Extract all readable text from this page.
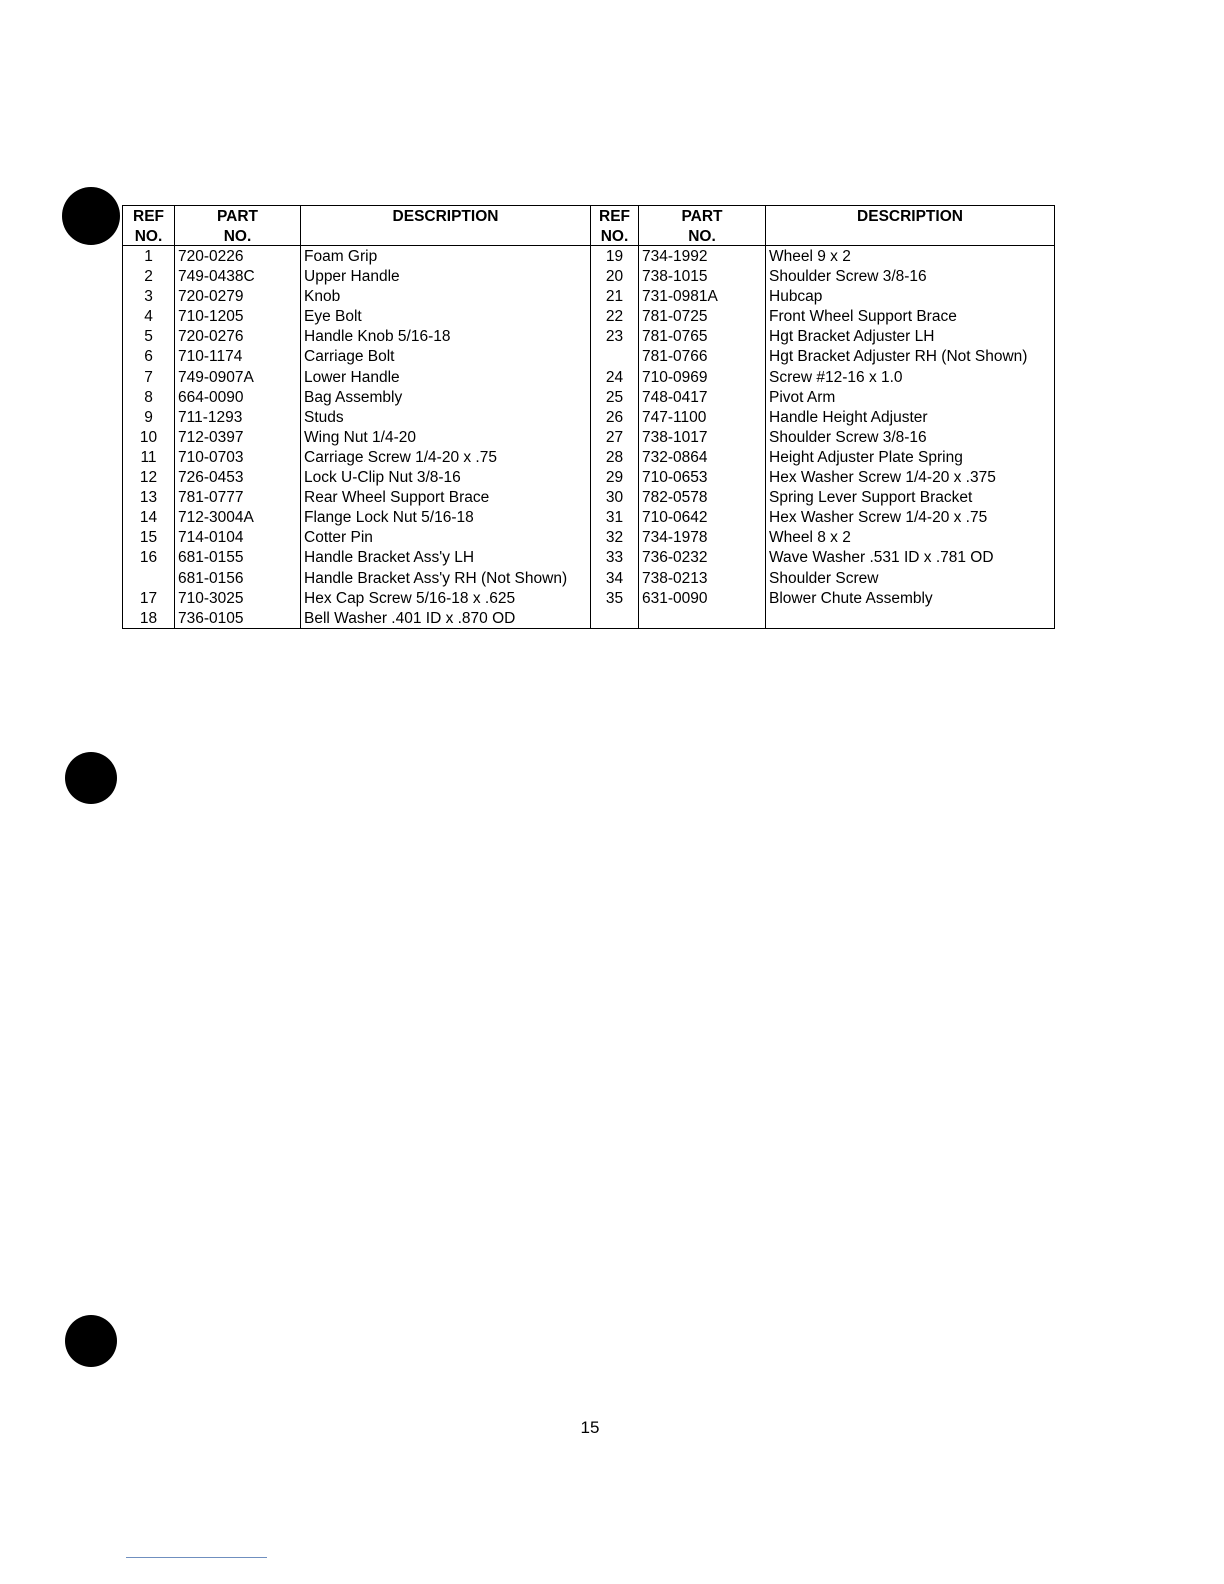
REF
NO.
PART
NO.
DESCRIPTION	REF
NO.
PART
NO.
DESCRIPTION
1
2
3
4
5
6
7
8
9
10
11
12
13
14
15
16
17
18
720-0226
749-0438C
720-0279
710-1205
720-0276
710-1174
749-0907A
664-0090
711-1293
712-0397
710-0703
726-0453
781-0777
712-3004A
714-0104
681-0155
681-0156
710-3025
736-0105
Foam Grip
Upper Handle
Knob
Eye Bolt
Handle Knob 5/16-18
Carriage Bolt
Lower Handle
Bag Assembly
Studs
Wing Nut 1/4-20
Carriage Screw 1/4-20 x .75
Lock U-Clip Nut 3/8-16
Rear Wheel Support Brace
Flange Lock Nut 5/16-18
Cotter Pin
Handle Bracket Ass'y LH
Handle Bracket Ass'y RH (Not Shown)
Hex Cap Screw 5/16-18 x .625
Bell Washer .401 ID x .870 OD
19
20
21
22
23
24
25
26
27
28
29
30
31
32
33
34
35
734-1992
738-1015
731-0981A
781-0725
781-0765
781-0766
710-0969
748-0417
747-1100
738-1017
732-0864
710-0653
782-0578
710-0642
734-1978
736-0232
738-0213
631-0090
Wheel 9 x 2
Shoulder Screw 3/8-16
Hubcap
Front Wheel Support Brace
Hgt Bracket Adjuster LH
Hgt Bracket Adjuster RH (Not Shown)
Screw #12-16 x 1.0
Pivot Arm
Handle Height Adjuster
Shoulder Screw 3/8-16
Height Adjuster Plate Spring
Hex Washer Screw 1/4-20 x .375
Spring Lever Support Bracket
Hex Washer Screw 1/4-20 x .75
Wheel 8 x 2
Wave Washer .531 ID x .781 OD
Shoulder Screw
Blower Chute Assembly
15
